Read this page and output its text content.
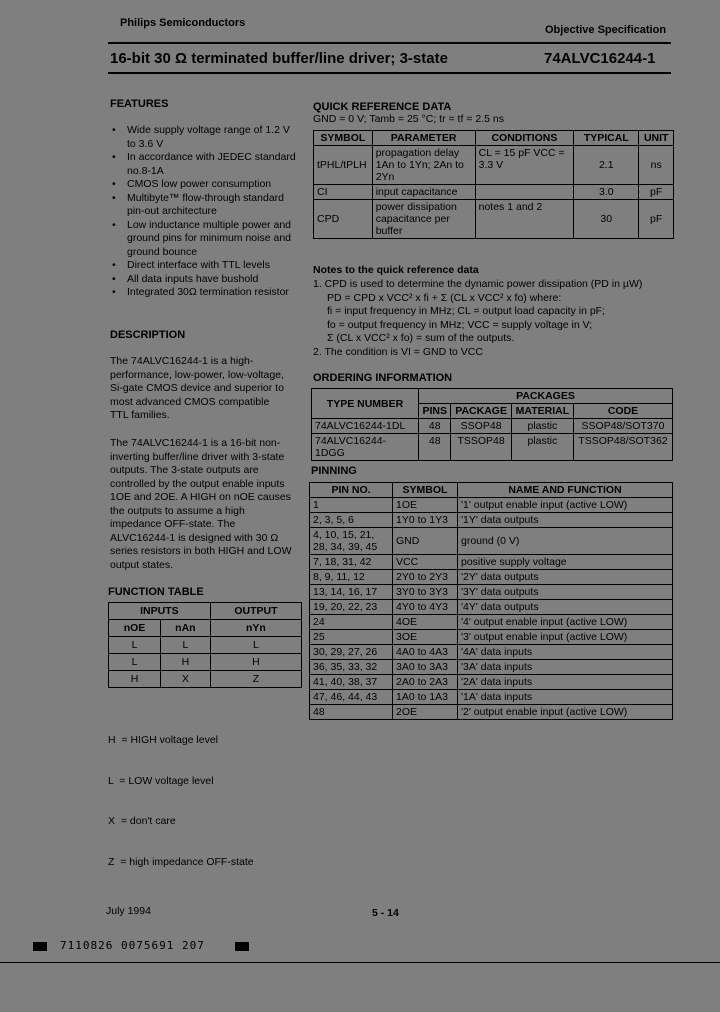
Philips Semiconductors
Objective Specification
16-bit 30 Ω terminated buffer/line driver; 3-state	74ALVC16244-1
FEATURES
• Wide supply voltage range of 1.2 V to 3.6 V
• In accordance with JEDEC standard no.8-1A
• CMOS low power consumption
• Multibyte™ flow-through standard pin-out architecture
• Low inductance multiple power and ground pins for minimum noise and ground bounce
• Direct interface with TTL levels
• All data inputs have bushold
• Integrated 30Ω termination resistor
DESCRIPTION
The 74ALVC16244-1 is a high-performance, low-power, low-voltage, Si-gate CMOS device and superior to most advanced CMOS compatible TTL families.
The 74ALVC16244-1 is a 16-bit non-inverting buffer/line driver with 3-state outputs. The 3-state outputs are controlled by the output enable inputs 1OE and 2OE. A HIGH on nOE causes the outputs to assume a high impedance OFF-state. The ALVC16244-1 is designed with 30 Ω series resistors in both HIGH and LOW output states.
FUNCTION TABLE
INPUTS		OUTPUT
nOE	nAn	nYn
L	L	L
L	H	H
H	X	Z

H  = HIGH voltage level

L  = LOW voltage level

X  = don't care

Z  = high impedance OFF-state

QUICK REFERENCE DATA
GND = 0 V; Tamb = 25 °C; tr = tf = 2.5 ns
SYMBOL	PARAMETER	CONDITIONS	TYPICAL	UNIT
tPHL/tPLH	propagation delay 1An to 1Yn; 2An to 2Yn	CL = 15 pF VCC = 3.3 V	2.1	ns
CI	input capacitance		3.0	pF
CPD	power dissipation capacitance per buffer	notes 1 and 2	30	pF
Notes to the quick reference data
1. CPD is used to determine the dynamic power dissipation (PD in µW)
PD = CPD x VCC² x fi + Σ (CL x VCC² x fo) where:
fi = input frequency in MHz; CL = output load capacity in pF;
fo = output frequency in MHz; VCC = supply voltage in V;
Σ (CL x VCC² x fo) = sum of the outputs.
2. The condition is VI = GND to VCC
ORDERING INFORMATION
TYPE NUMBER	PACKAGES			
	PINS	PACKAGE	MATERIAL	CODE
74ALVC16244-1DL	48	SSOP48	plastic	SSOP48/SOT370
74ALVC16244-1DGG	48	TSSOP48	plastic	TSSOP48/SOT362
PINNING
PIN NO.	SYMBOL	NAME AND FUNCTION
1	1OE	'1' output enable input (active LOW)
2, 3, 5, 6	1Y0 to 1Y3	'1Y' data outputs
4, 10, 15, 21, 28, 34, 39, 45	GND	ground (0 V)
7, 18, 31, 42	VCC	positive supply voltage
8, 9, 11, 12	2Y0 to 2Y3	'2Y' data outputs
13, 14, 16, 17	3Y0 to 3Y3	'3Y' data outputs
19, 20, 22, 23	4Y0 to 4Y3	'4Y' data outputs
24	4OE	'4' output enable input (active LOW)
25	3OE	'3' output enable input (active LOW)
30, 29, 27, 26	4A0 to 4A3	'4A' data inputs
36, 35, 33, 32	3A0 to 3A3	'3A' data inputs
41, 40, 38, 37	2A0 to 2A3	'2A' data inputs
47, 46, 44, 43	1A0 to 1A3	'1A' data inputs
48	2OE	'2' output enable input (active LOW)
July 1994	5 - 14
7110826 0075691 207
